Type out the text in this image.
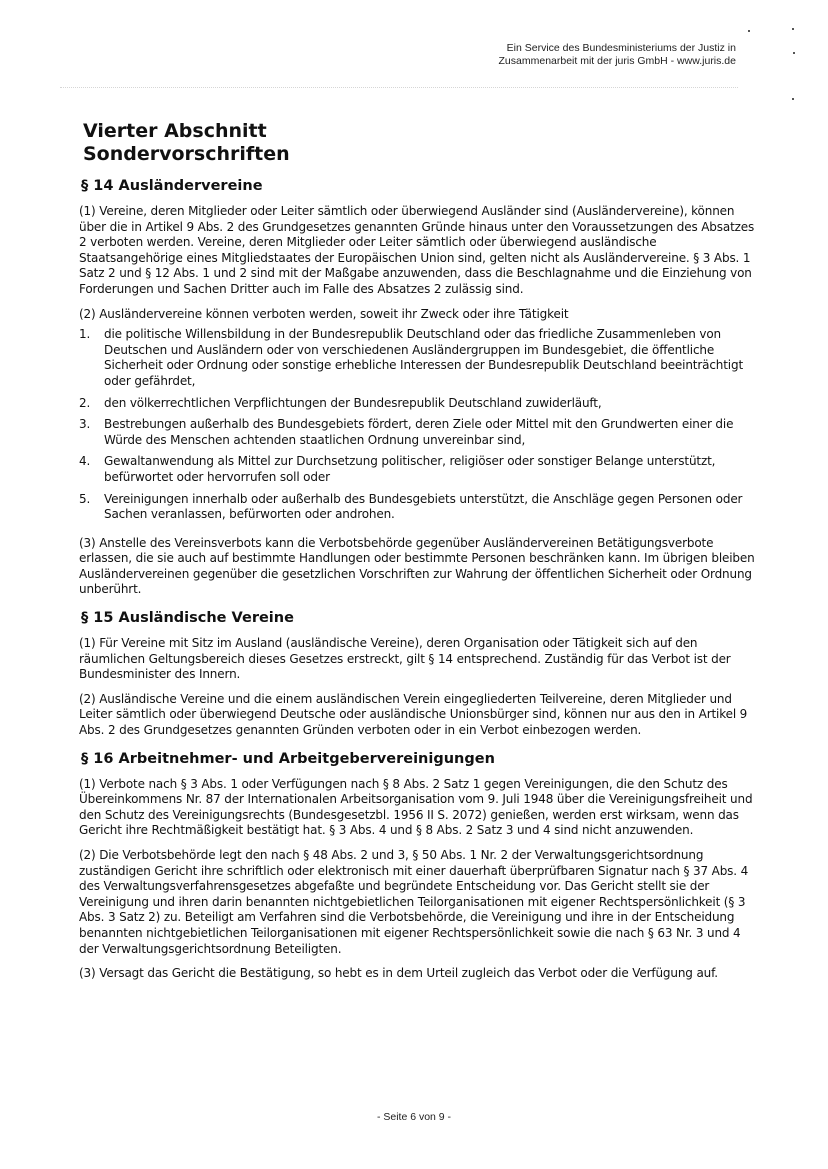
Ein Service des Bundesministeriums der Justiz in
Zusammenarbeit mit der juris GmbH - www.juris.de
Vierter Abschnitt
Sondervorschriften
§ 14 Ausländervereine

(1) Vereine, deren Mitglieder oder Leiter sämtlich oder überwiegend Ausländer sind (Ausländervereine), können über die in Artikel 9 Abs. 2 des Grundgesetzes genannten Gründe hinaus unter den Voraussetzungen des Absatzes 2 verboten werden. Vereine, deren Mitglieder oder Leiter sämtlich oder überwiegend ausländische Staatsangehörige eines Mitgliedstaates der Europäischen Union sind, gelten nicht als Ausländervereine. § 3 Abs. 1 Satz 2 und § 12 Abs. 1 und 2 sind mit der Maßgabe anzuwenden, dass die Beschlagnahme und die Einziehung von Forderungen und Sachen Dritter auch im Falle des Absatzes 2 zulässig sind.

(2) Ausländervereine können verboten werden, soweit ihr Zweck oder ihre Tätigkeit

1. die politische Willensbildung in der Bundesrepublik Deutschland oder das friedliche Zusammenleben von Deutschen und Ausländern oder von verschiedenen Ausländergruppen im Bundesgebiet, die öffentliche Sicherheit oder Ordnung oder sonstige erhebliche Interessen der Bundesrepublik Deutschland beeinträchtigt oder gefährdet,
2. den völkerrechtlichen Verpflichtungen der Bundesrepublik Deutschland zuwiderläuft,
3. Bestrebungen außerhalb des Bundesgebiets fördert, deren Ziele oder Mittel mit den Grundwerten einer die Würde des Menschen achtenden staatlichen Ordnung unvereinbar sind,
4. Gewaltanwendung als Mittel zur Durchsetzung politischer, religiöser oder sonstiger Belange unterstützt, befürwortet oder hervorrufen soll oder
5. Vereinigungen innerhalb oder außerhalb des Bundesgebiets unterstützt, die Anschläge gegen Personen oder Sachen veranlassen, befürworten oder androhen.

(3) Anstelle des Vereinsverbots kann die Verbotsbehörde gegenüber Ausländervereinen Betätigungsverbote erlassen, die sie auch auf bestimmte Handlungen oder bestimmte Personen beschränken kann. Im übrigen bleiben Ausländervereinen gegenüber die gesetzlichen Vorschriften zur Wahrung der öffentlichen Sicherheit oder Ordnung unberührt.

§ 15 Ausländische Vereine

(1) Für Vereine mit Sitz im Ausland (ausländische Vereine), deren Organisation oder Tätigkeit sich auf den räumlichen Geltungsbereich dieses Gesetzes erstreckt, gilt § 14 entsprechend. Zuständig für das Verbot ist der Bundesminister des Innern.

(2) Ausländische Vereine und die einem ausländischen Verein eingegliederten Teilvereine, deren Mitglieder und Leiter sämtlich oder überwiegend Deutsche oder ausländische Unionsbürger sind, können nur aus den in Artikel 9 Abs. 2 des Grundgesetzes genannten Gründen verboten oder in ein Verbot einbezogen werden.

§ 16 Arbeitnehmer- und Arbeitgebervereinigungen

(1) Verbote nach § 3 Abs. 1 oder Verfügungen nach § 8 Abs. 2 Satz 1 gegen Vereinigungen, die den Schutz des Übereinkommens Nr. 87 der Internationalen Arbeitsorganisation vom 9. Juli 1948 über die Vereinigungsfreiheit und den Schutz des Vereinigungsrechts (Bundesgesetzbl. 1956 II S. 2072) genießen, werden erst wirksam, wenn das Gericht ihre Rechtmäßigkeit bestätigt hat. § 3 Abs. 4 und § 8 Abs. 2 Satz 3 und 4 sind nicht anzuwenden.

(2) Die Verbotsbehörde legt den nach § 48 Abs. 2 und 3, § 50 Abs. 1 Nr. 2 der Verwaltungsgerichtsordnung zuständigen Gericht ihre schriftlich oder elektronisch mit einer dauerhaft überprüfbaren Signatur nach § 37 Abs. 4 des Verwaltungsverfahrensgesetzes abgefaßte und begründete Entscheidung vor. Das Gericht stellt sie der Vereinigung und ihren darin benannten nichtgebietlichen Teilorganisationen mit eigener Rechtspersönlichkeit (§ 3 Abs. 3 Satz 2) zu. Beteiligt am Verfahren sind die Verbotsbehörde, die Vereinigung und ihre in der Entscheidung benannten nichtgebietlichen Teilorganisationen mit eigener Rechtspersönlichkeit sowie die nach § 63 Nr. 3 und 4 der Verwaltungsgerichtsordnung Beteiligten.

(3) Versagt das Gericht die Bestätigung, so hebt es in dem Urteil zugleich das Verbot oder die Verfügung auf.

- Seite 6 von 9 -
